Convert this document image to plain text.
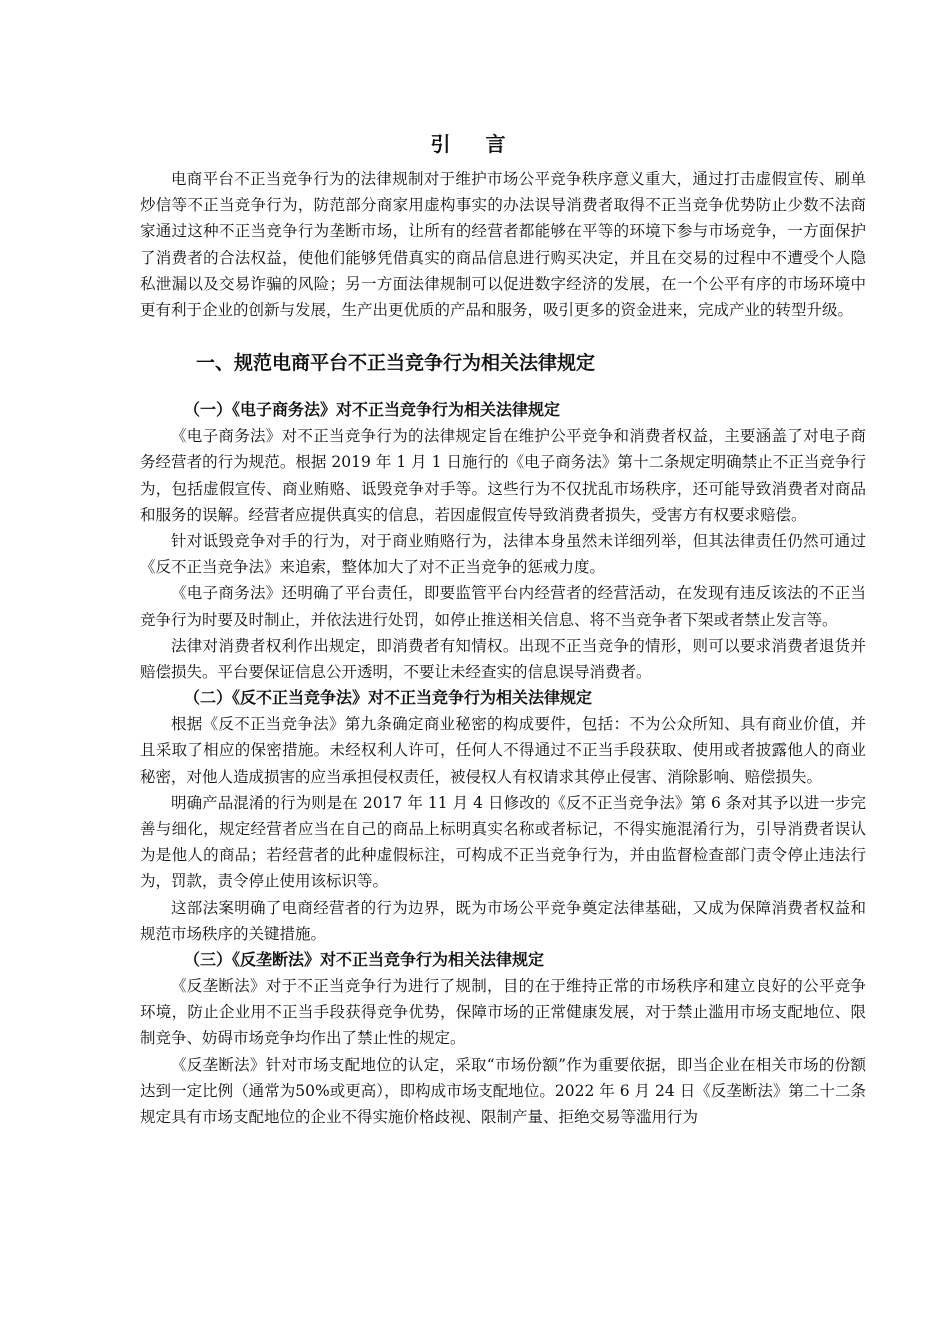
引 言

电商平台不正当竞争行为的法律规制对于维护市场公平竞争秩序意义重大，通过打击虚假宣传、刷单炒信等不正当竞争行为，防范部分商家用虚构事实的办法误导消费者取得不正当竞争优势防止少数不法商家通过这种不正当竞争行为垄断市场，让所有的经营者都能够在平等的环境下参与市场竞争，一方面保护了消费者的合法权益，使他们能够凭借真实的商品信息进行购买决定，并且在交易的过程中不遭受个人隐私泄漏以及交易诈骗的风险；另一方面法律规制可以促进数字经济的发展，在一个公平有序的市场环境中更有利于企业的创新与发展，生产出更优质的产品和服务，吸引更多的资金进来，完成产业的转型升级。

一、规范电商平台不正当竞争行为相关法律规定
（一）《电子商务法》对不正当竞争行为相关法律规定

《电子商务法》对不正当竞争行为的法律规定旨在维护公平竞争和消费者权益，主要涵盖了对电子商务经营者的行为规范。根据 2019 年 1 月 1 日施行的《电子商务法》第十二条规定明确禁止不正当竞争行为，包括虚假宣传、商业贿赂、诋毁竞争对手等。这些行为不仅扰乱市场秩序，还可能导致消费者对商品和服务的误解。经营者应提供真实的信息，若因虚假宣传导致消费者损失，受害方有权要求赔偿。

针对诋毁竞争对手的行为，对于商业贿赂行为，法律本身虽然未详细列举，但其法律责任仍然可通过《反不正当竞争法》来追索，整体加大了对不正当竞争的惩戒力度。

《电子商务法》还明确了平台责任，即要监管平台内经营者的经营活动，在发现有违反该法的不正当竞争行为时要及时制止，并依法进行处罚，如停止推送相关信息、将不当竞争者下架或者禁止发言等。

法律对消费者权利作出规定，即消费者有知情权。出现不正当竞争的情形，则可以要求消费者退货并赔偿损失。平台要保证信息公开透明，不要让未经查实的信息误导消费者。

（二）《反不正当竞争法》对不正当竞争行为相关法律规定

根据《反不正当竞争法》第九条确定商业秘密的构成要件，包括：不为公众所知、具有商业价值，并且采取了相应的保密措施。未经权利人许可，任何人不得通过不正当手段获取、使用或者披露他人的商业秘密，对他人造成损害的应当承担侵权责任，被侵权人有权请求其停止侵害、消除影响、赔偿损失。

明确产品混淆的行为则是在 2017 年 11 月 4 日修改的《反不正当竞争法》第 6 条对其予以进一步完善与细化，规定经营者应当在自己的商品上标明真实名称或者标记，不得实施混淆行为，引导消费者误认为是他人的商品；若经营者的此种虚假标注，可构成不正当竞争行为，并由监督检查部门责令停止违法行为，罚款，责令停止使用该标识等。

这部法案明确了电商经营者的行为边界，既为市场公平竞争奠定法律基础，又成为保障消费者权益和规范市场秩序的关键措施。

（三）《反垄断法》对不正当竞争行为相关法律规定

《反垄断法》对于不正当竞争行为进行了规制，目的在于维持正常的市场秩序和建立良好的公平竞争环境，防止企业用不正当手段获得竞争优势，保障市场的正常健康发展，对于禁止滥用市场支配地位、限制竞争、妨碍市场竞争均作出了禁止性的规定。

《反垄断法》针对市场支配地位的认定，采取“市场份额”作为重要依据，即当企业在相关市场的份额达到一定比例（通常为50%或更高），即构成市场支配地位。2022 年 6 月 24 日《反垄断法》第二十二条规定具有市场支配地位的企业不得实施价格歧视、限制产量、拒绝交易等滥用行为
